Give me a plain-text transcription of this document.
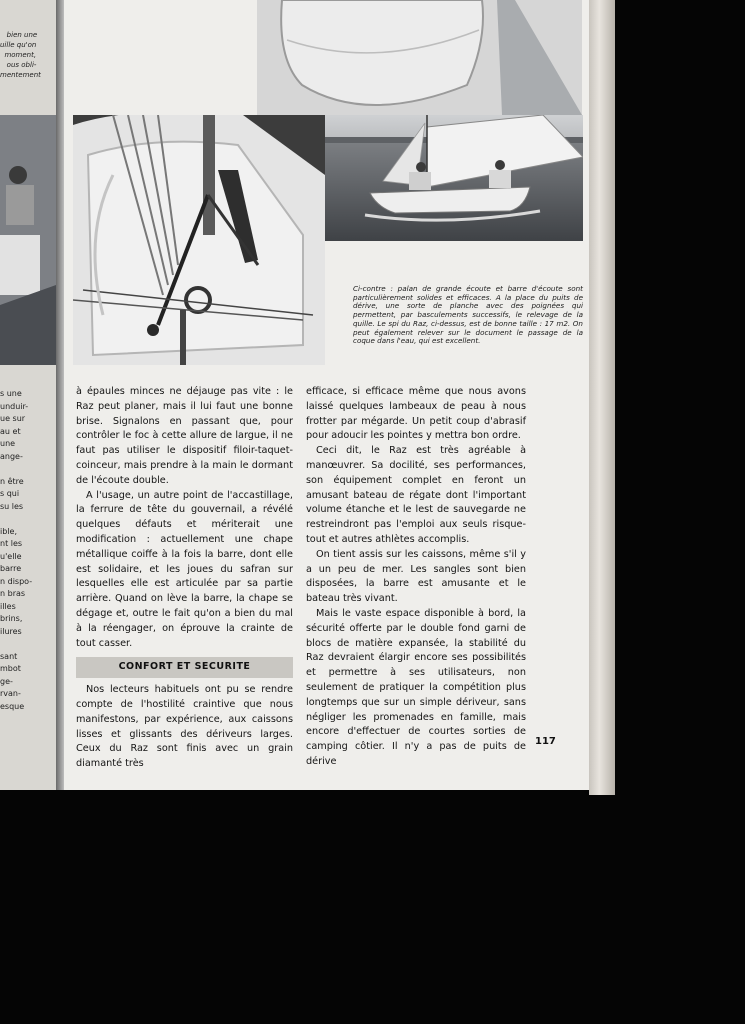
bien une
uille qu'on
moment,
ous obli-
mentement
s une
unduir-
ue sur
au et
une
ange-

n être
s qui
su les

ible,
nt les
u'elle
barre
n dispo-
n bras
illes
brins,
ilures

sant
mbot
ge-
rvan-
esque
Ci-contre : palan de grande écoute et barre d'écoute sont particulièrement solides et efficaces. A la place du puits de dérive, une sorte de planche avec des poignées qui permettent, par basculements successifs, le relevage de la quille. Le spi du Raz, ci-dessus, est de bonne taille : 17 m2. On peut également relever sur le document le passage de la coque dans l'eau, qui est excellent.

à épaules minces ne déjauge pas vite : le Raz peut planer, mais il lui faut une bonne brise. Signalons en passant que, pour contrôler le foc à cette allure de largue, il ne faut pas utiliser le dispositif filoir-taquet-coinceur, mais prendre à la main le dormant de l'écoute double.

A l'usage, un autre point de l'accastillage, la ferrure de tête du gouvernail, a révélé quelques défauts et mériterait une modification : actuellement une chape métallique coiffe à la fois la barre, dont elle est solidaire, et les joues du safran sur lesquelles elle est articulée par sa partie arrière. Quand on lève la barre, la chape se dégage et, outre le fait qu'on a bien du mal à la réengager, on éprouve la crainte de tout casser.

CONFORT ET SECURITE

Nos lecteurs habituels ont pu se rendre compte de l'hostilité craintive que nous manifestons, par expérience, aux caissons lisses et glissants des dériveurs larges. Ceux du Raz sont finis avec un grain diamanté très

efficace, si efficace même que nous avons laissé quelques lambeaux de peau à nous frotter par mégarde. Un petit coup d'abrasif pour adoucir les pointes y mettra bon ordre.

Ceci dit, le Raz est très agréable à manœuvrer. Sa docilité, ses performances, son équipement complet en feront un amusant bateau de régate dont l'important volume étanche et le lest de sauvegarde ne restreindront pas l'emploi aux seuls risque-tout et autres athlètes accomplis.

On tient assis sur les caissons, même s'il y a un peu de mer. Les sangles sont bien disposées, la barre est amusante et le bateau très vivant.

Mais le vaste espace disponible à bord, la sécurité offerte par le double fond garni de blocs de matière expansée, la stabilité du Raz devraient élargir encore ses possibilités et permettre à ses utilisateurs, non seulement de pratiquer la compétition plus longtemps que sur un simple dériveur, sans négliger les promenades en famille, mais encore d'effectuer de courtes sorties de camping côtier. Il n'y a pas de puits de dérive

117
